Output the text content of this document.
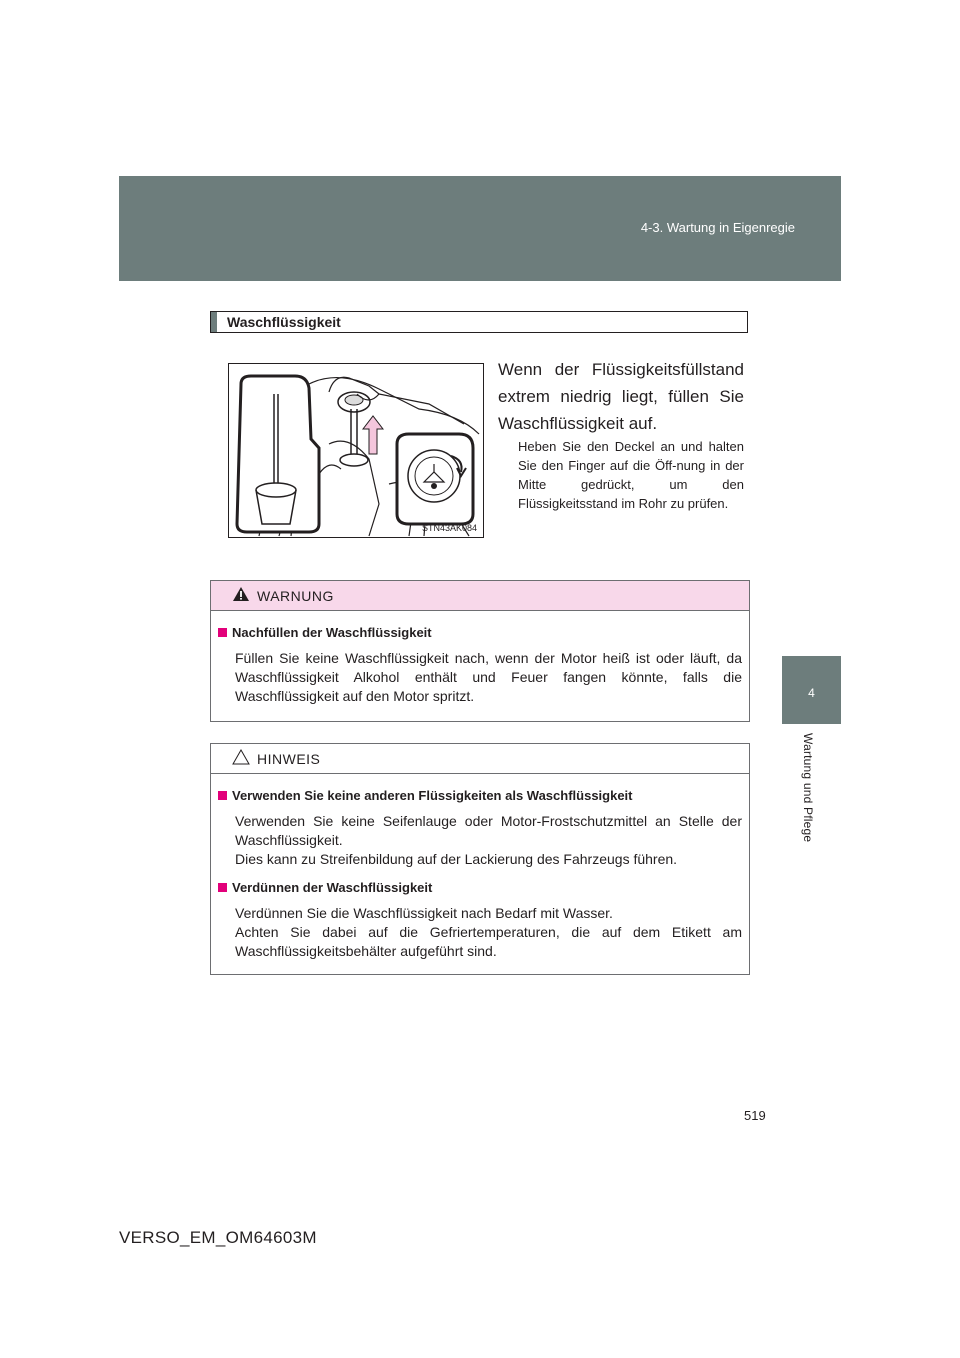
4-3. Wartung in Eigenregie
4
Wartung und Pflege
Waschflüssigkeit
STN43AK084
Wenn der Flüssigkeitsfüllstand extrem niedrig liegt, füllen Sie Waschflüssigkeit auf.
Heben Sie den Deckel an und halten Sie den Finger auf die Öff-nung in der Mitte gedrückt, um den Flüssigkeitsstand im Rohr zu prüfen.
WARNUNG
Nachfüllen der Waschflüssigkeit
Füllen Sie keine Waschflüssigkeit nach, wenn der Motor heiß ist oder läuft, da Waschflüssigkeit Alkohol enthält und Feuer fangen könnte, falls die Waschflüssigkeit auf den Motor spritzt.
HINWEIS
Verwenden Sie keine anderen Flüssigkeiten als Waschflüssigkeit
Verwenden Sie keine Seifenlauge oder Motor-Frostschutzmittel an Stelle der Waschflüssigkeit.
Dies kann zu Streifenbildung auf der Lackierung des Fahrzeugs führen.
Verdünnen der Waschflüssigkeit
Verdünnen Sie die Waschflüssigkeit nach Bedarf mit Wasser.
Achten Sie dabei auf die Gefriertemperaturen, die auf dem Etikett am Waschflüssigkeitsbehälter aufgeführt sind.
519
VERSO_EM_OM64603M
